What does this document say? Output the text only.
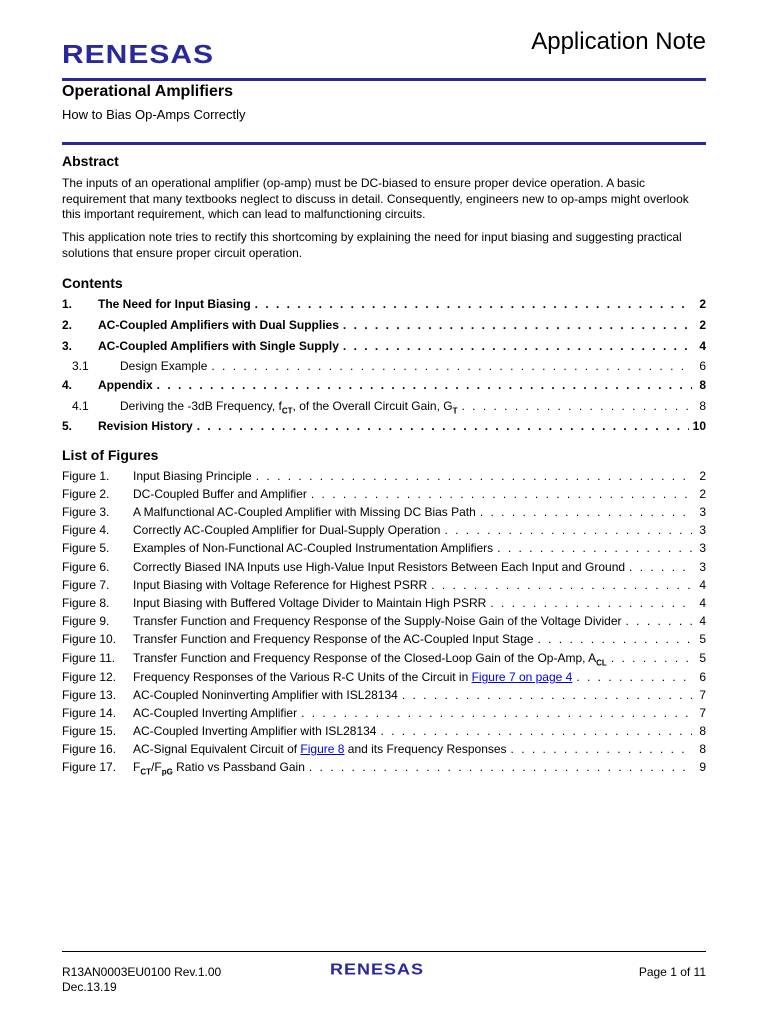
RENESAS	Application Note
Operational Amplifiers
How to Bias Op-Amps Correctly
Abstract

The inputs of an operational amplifier (op-amp) must be DC-biased to ensure proper device operation. A basic requirement that many textbooks neglect to discuss in detail. Consequently, engineers new to op-amps might overlook this important requirement, which can lead to malfunctioning circuits.

This application note tries to rectify this shortcoming by explaining the need for input biasing and suggesting practical solutions that ensure proper circuit operation.

Contents
1.	The Need for Input Biasing . . .	2
2.	AC-Coupled Amplifiers with Dual Supplies . . .	2
3.	AC-Coupled Amplifiers with Single Supply . . .	4
3.1	Design Example . . .	6
4.	Appendix . . .	8
4.1	Deriving the -3dB Frequency, $f_{CT}$, of the Overall Circuit Gain, $G_T$ . . .	8
5.	Revision History . . .	10
List of Figures
Figure 1.	Input Biasing Principle . . .	2
Figure 2.	DC-Coupled Buffer and Amplifier . . .	2
Figure 3.	A Malfunctional AC-Coupled Amplifier with Missing DC Bias Path . . .	3
Figure 4.	Correctly AC-Coupled Amplifier for Dual-Supply Operation . . .	3
Figure 5.	Examples of Non-Functional AC-Coupled Instrumentation Amplifiers . . .	3
Figure 6.	Correctly Biased INA Inputs use High-Value Input Resistors Between Each Input and Ground . . .	3
Figure 7.	Input Biasing with Voltage Reference for Highest PSRR . . .	4
Figure 8.	Input Biasing with Buffered Voltage Divider to Maintain High PSRR . . .	4
Figure 9.	Transfer Function and Frequency Response of the Supply-Noise Gain of the Voltage Divider . . .	4
Figure 10.	Transfer Function and Frequency Response of the AC-Coupled Input Stage . . .	5
Figure 11.	Transfer Function and Frequency Response of the Closed-Loop Gain of the Op-Amp, $A_{CL}$ . . .	5
Figure 12.	Frequency Responses of the Various R-C Units of the Circuit in Figure 7 on page 4 . . .	6
Figure 13.	AC-Coupled Noninverting Amplifier with ISL28134 . . .	7
Figure 14.	AC-Coupled Inverting Amplifier . . .	7
Figure 15.	AC-Coupled Inverting Amplifier with ISL28134 . . .	8
Figure 16.	AC-Signal Equivalent Circuit of Figure 8 and its Frequency Responses . . .	8
Figure 17.	$F_{CT}/F_{pG}$ Ratio vs Passband Gain . . .	9
R13AN0003EU0100 Rev.1.00
Dec.13.19
RENESAS	Page 1 of 11
